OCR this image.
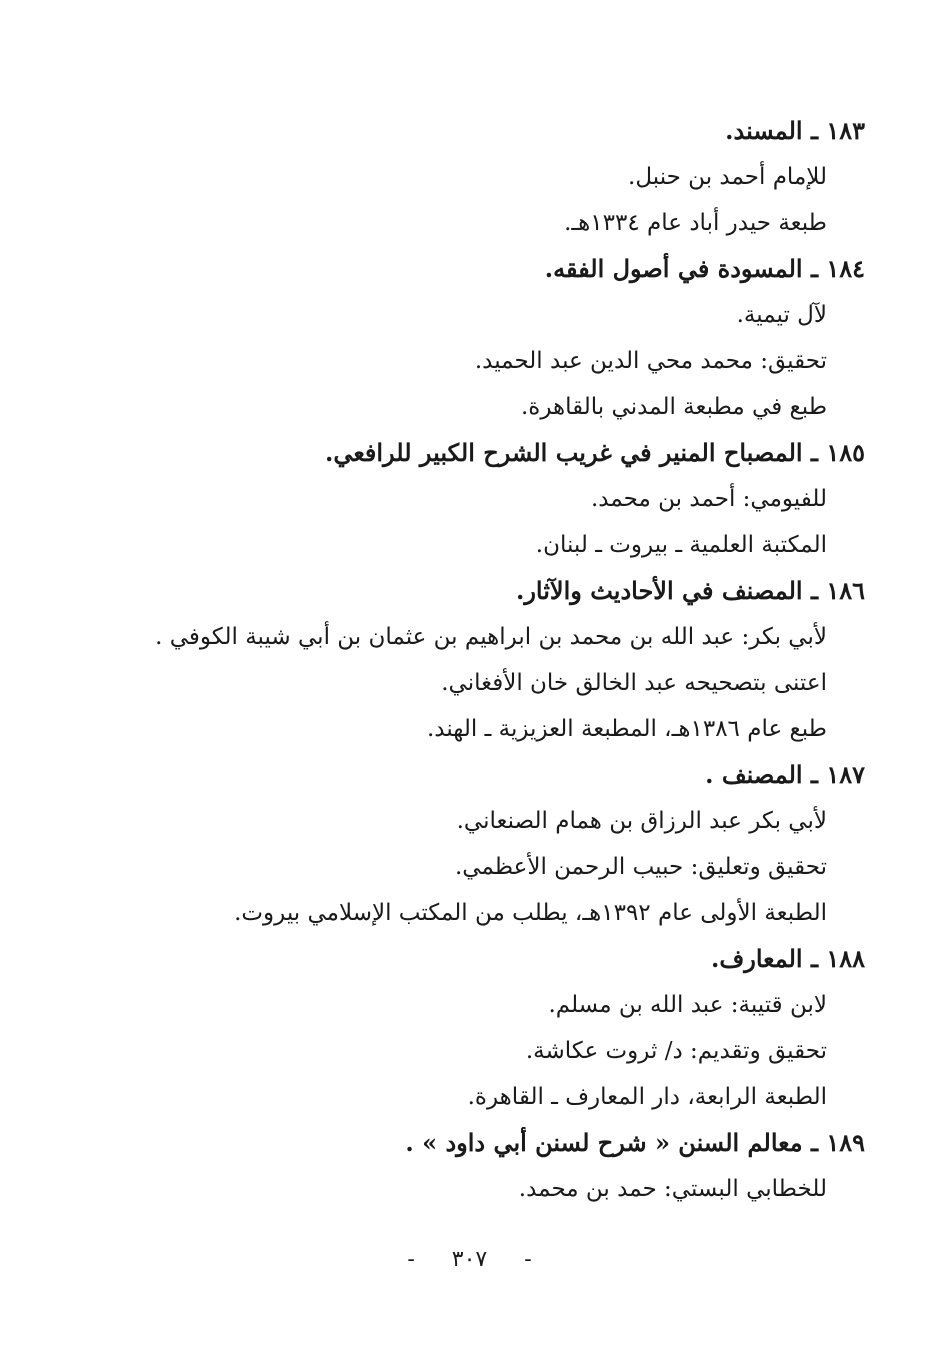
١٨٣ ـ المسند.
للإمام أحمد بن حنبل.
طبعة حيدر أباد عام ١٣٣٤هـ.
١٨٤ ـ المسودة في أصول الفقه.
لآل تيمية.
تحقيق: محمد محي الدين عبد الحميد.
طبع في مطبعة المدني بالقاهرة.
١٨٥ ـ المصباح المنير في غريب الشرح الكبير للرافعي.
للفيومي: أحمد بن محمد.
المكتبة العلمية ـ بيروت ـ لبنان.
١٨٦ ـ المصنف في الأحاديث والآثار.
لأبي بكر: عبد الله بن محمد بن ابراهيم بن عثمان بن أبي شيبة الكوفي .
اعتنى بتصحيحه عبد الخالق خان الأفغاني.
طبع عام ١٣٨٦هـ، المطبعة العزيزية ـ الهند.
١٨٧ ـ المصنف .
لأبي بكر عبد الرزاق بن همام الصنعاني.
تحقيق وتعليق: حبيب الرحمن الأعظمي.
الطبعة الأولى عام ١٣٩٢هـ، يطلب من المكتب الإسلامي بيروت.
١٨٨ ـ المعارف.
لابن قتيبة: عبد الله بن مسلم.
تحقيق وتقديم: د/ ثروت عكاشة.
الطبعة الرابعة، دار المعارف ـ القاهرة.
١٨٩ ـ معالم السنن « شرح لسنن أبي داود » .
للخطابي البستي: حمد بن محمد.
- ٣٠٧ -
